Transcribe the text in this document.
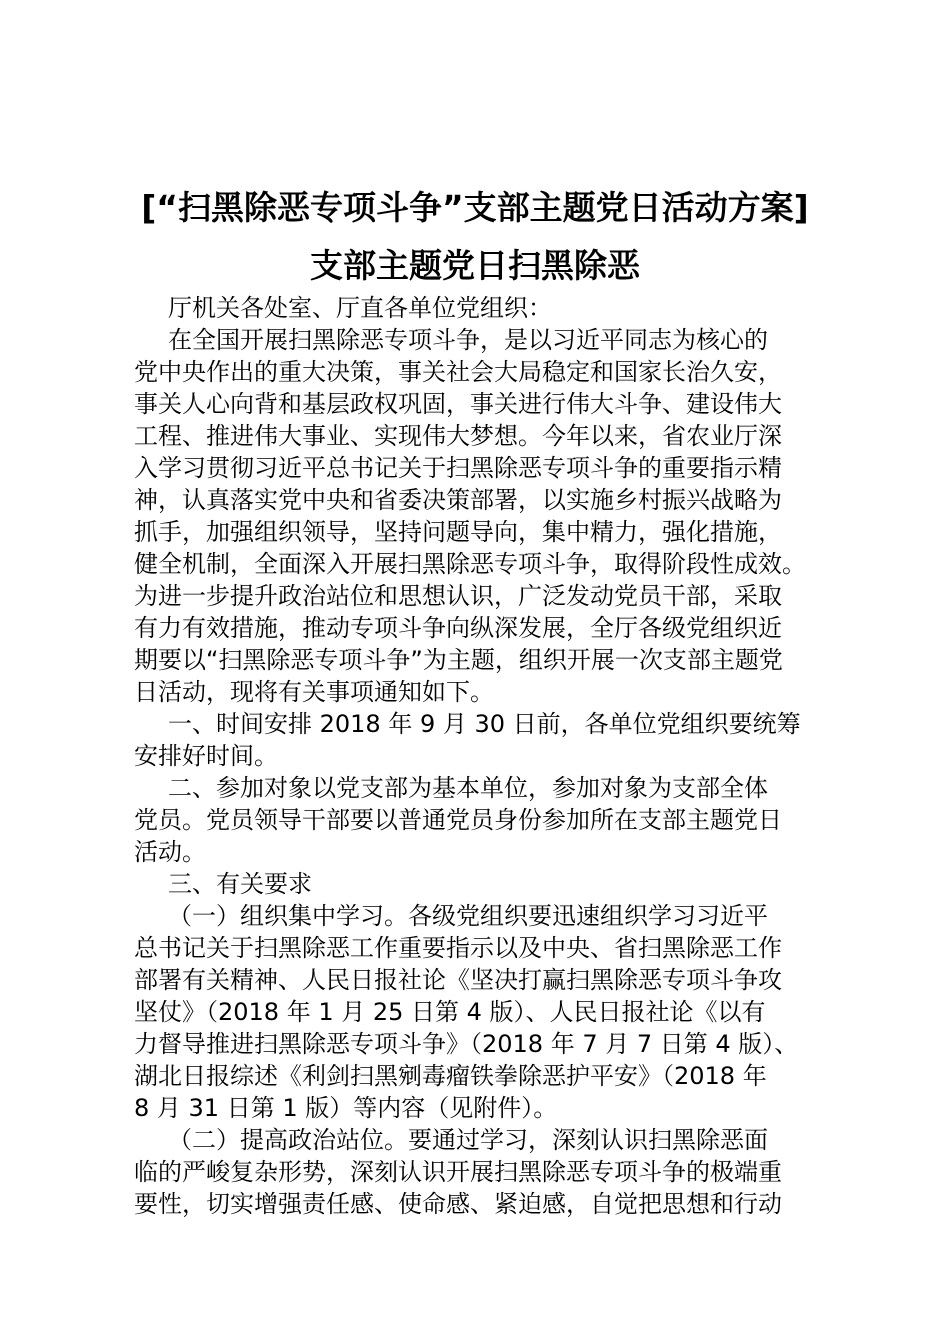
[“扫黑除恶专项斗争”支部主题党日活动方案]
支部主题党日扫黑除恶
厅机关各处室、厅直各单位党组织：
在全国开展扫黑除恶专项斗争，是以习近平同志为核心的
党中央作出的重大决策，事关社会大局稳定和国家长治久安，
事关人心向背和基层政权巩固，事关进行伟大斗争、建设伟大
工程、推进伟大事业、实现伟大梦想。今年以来，省农业厅深
入学习贯彻习近平总书记关于扫黑除恶专项斗争的重要指示精
神，认真落实党中央和省委决策部署，以实施乡村振兴战略为
抓手，加强组织领导，坚持问题导向，集中精力，强化措施，
健全机制，全面深入开展扫黑除恶专项斗争，取得阶段性成效。
为进一步提升政治站位和思想认识，广泛发动党员干部，采取
有力有效措施，推动专项斗争向纵深发展，全厅各级党组织近
期要以“扫黑除恶专项斗争”为主题，组织开展一次支部主题党
日活动，现将有关事项通知如下。
一、时间安排 2018 年 9 月 30 日前，各单位党组织要统筹
安排好时间。
二、参加对象以党支部为基本单位，参加对象为支部全体
党员。党员领导干部要以普通党员身份参加所在支部主题党日
活动。
三、有关要求
（一）组织集中学习。各级党组织要迅速组织学习习近平
总书记关于扫黑除恶工作重要指示以及中央、省扫黑除恶工作
部署有关精神、人民日报社论《坚决打赢扫黑除恶专项斗争攻
坚仗》（2018 年 1 月 25 日第 4 版）、人民日报社论《以有
力督导推进扫黑除恶专项斗争》（2018 年 7 月 7 日第 4 版）、
湖北日报综述《利剑扫黑剜毒瘤铁拳除恶护平安》（2018 年
8 月 31 日第 1 版）等内容（见附件）。
（二）提高政治站位。要通过学习，深刻认识扫黑除恶面
临的严峻复杂形势，深刻认识开展扫黑除恶专项斗争的极端重
要性，切实增强责任感、使命感、紧迫感，自觉把思想和行动
